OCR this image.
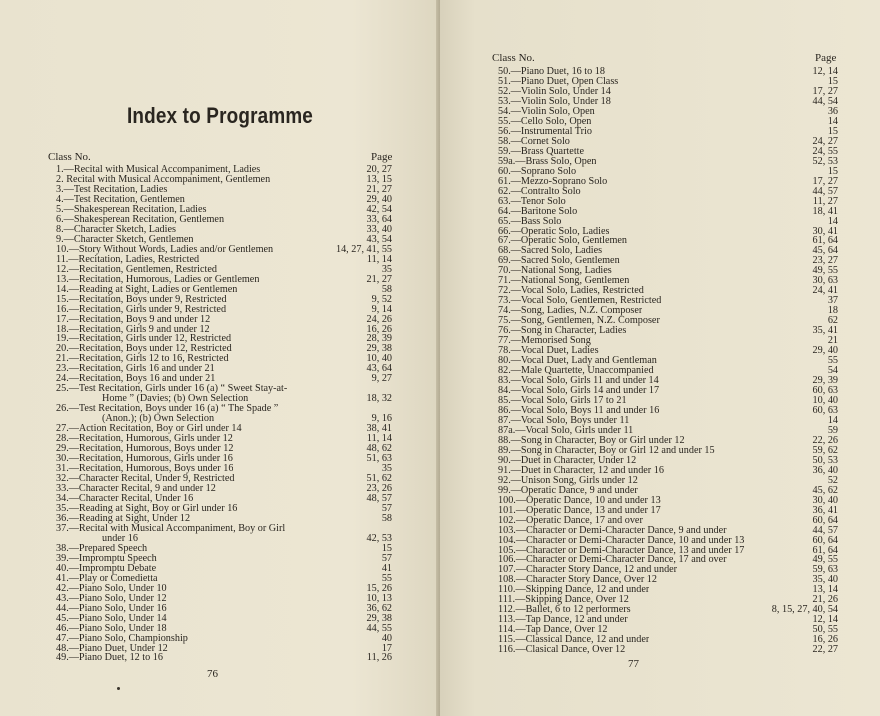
Index to Programme
Class No.	Page
1.—Recital with Musical Accompaniment, Ladies	20, 27
2. Recital with Musical Accompaniment, Gentlemen	13, 15
3.—Test Recitation, Ladies	21, 27
4.—Test Recitation, Gentlemen	29, 40
5.—Shakesperean Recitation, Ladies	42, 54
6.—Shakesperean Recitation, Gentlemen	33, 64
8.—Character Sketch, Ladies	33, 40
9.—Character Sketch, Gentlemen	43, 54
10.—Story Without Words, Ladies and/or Gentlemen	14, 27, 41, 55
11.—Recitation, Ladies, Restricted	11, 14
12.—Recitation, Gentlemen, Restricted	35
13.—Recitation, Humorous, Ladies or Gentlemen	21, 27
14.—Reading at Sight, Ladies or Gentlemen	58
15.—Recitation, Boys under 9, Restricted	9, 52
16.—Recitation, Girls under 9, Restricted	9, 14
17.—Recitation, Boys 9 and under 12	24, 26
18.—Recitation, Girls 9 and under 12	16, 26
19.—Recitation, Girls under 12, Restricted	28, 39
20.—Recitation, Boys under 12, Restricted	29, 38
21.—Recitation, Girls 12 to 16, Restricted	10, 40
23.—Recitation, Girls 16 and under 21	43, 64
24.—Recitation, Boys 16 and under 21	9, 27
25.—Test Recitation, Girls under 16 (a) “ Sweet Stay-at-
Home ” (Davies; (b) Own Selection	18, 32
26.—Test Recitation, Boys under 16 (a) “ The Spade ”
(Anon.); (b) Own Selection	9, 16
27.—Action Recitation, Boy or Girl under 14	38, 41
28.—Recitation, Humorous, Girls under 12	11, 14
29.—Recitation, Humorous, Boys under 12	48, 62
30.—Recitation, Humorous, Girls under 16	51, 63
31.—Recitation, Humorous, Boys under 16	35
32.—Character Recital, Under 9, Restricted	51, 62
33.—Character Recital, 9 and under 12	23, 26
34.—Character Recital, Under 16	48, 57
35.—Reading at Sight, Boy or Girl under 16	57
36.—Reading at Sight, Under 12	58
37.—Recital with Musical Accompaniment, Boy or Girl
under 16	42, 53
38.—Prepared Speech	15
39.—Impromptu Speech	57
40.—Impromptu Debate	41
41.—Play or Comedietta	55
42.—Piano Solo, Under 10	15, 26
43.—Piano Solo, Under 12	10, 13
44.—Piano Solo, Under 16	36, 62
45.—Piano Solo, Under 14	29, 38
46.—Piano Solo, Under 18	44, 55
47.—Piano Solo, Championship	40
48.—Piano Duet, Under 12	17
49.—Piano Duet, 12 to 16	11, 26
76
Class No.	Page
50.—Piano Duet, 16 to 18	12, 14
51.—Piano Duet, Open Class	15
52.—Violin Solo, Under 14	17, 27
53.—Violin Solo, Under 18	44, 54
54.—Violin Solo, Open	36
55.—Cello Solo, Open	14
56.—Instrumental Trio	15
58.—Cornet Solo	24, 27
59.—Brass Quartette	24, 55
59a.—Brass Solo, Open	52, 53
60.—Soprano Solo	15
61.—Mezzo-Soprano Solo	17, 27
62.—Contralto Solo	44, 57
63.—Tenor Solo	11, 27
64.—Baritone Solo	18, 41
65.—Bass Solo	14
66.—Operatic Solo, Ladies	30, 41
67.—Operatic Solo, Gentlemen	61, 64
68.—Sacred Solo, Ladies	45, 64
69.—Sacred Solo, Gentlemen	23, 27
70.—National Song, Ladies	49, 55
71.—National Song, Gentlemen	30, 63
72.—Vocal Solo, Ladies, Restricted	24, 41
73.—Vocal Solo, Gentlemen, Restricted	37
74.—Song, Ladies, N.Z. Composer	18
75.—Song, Gentlemen, N.Z. Composer	62
76.—Song in Character, Ladies	35, 41
77.—Memorised Song	21
78.—Vocal Duet, Ladies	29, 40
80.—Vocal Duet, Lady and Gentleman	55
82.—Male Quartette, Unaccompanied	54
83.—Vocal Solo, Girls 11 and under 14	29, 39
84.—Vocal Solo, Girls 14 and under 17	60, 63
85.—Vocal Solo, Girls 17 to 21	10, 40
86.—Vocal Solo, Boys 11 and under 16	60, 63
87.—Vocal Solo, Boys under 11	14
87a.—Vocal Solo, Girls under 11	59
88.—Song in Character, Boy or Girl under 12	22, 26
89.—Song in Character, Boy or Girl 12 and under 15	59, 62
90.—Duet in Character, Under 12	50, 53
91.—Duet in Character, 12 and under 16	36, 40
92.—Unison Song, Girls under 12	52
99.—Operatic Dance, 9 and under	45, 62
100.—Operatic Dance, 10 and under 13	30, 40
101.—Operatic Dance, 13 and under 17	36, 41
102.—Operatic Dance, 17 and over	60, 64
103.—Character or Demi-Character Dance, 9 and under	44, 57
104.—Character or Demi-Character Dance, 10 and under 13	60, 64
105.—Character or Demi-Character Dance, 13 and under 17	61, 64
106.—Character or Demi-Character Dance, 17 and over	49, 55
107.—Character Story Dance, 12 and under	59, 63
108.—Character Story Dance, Over 12	35, 40
110.—Skipping Dance, 12 and under	13, 14
111.—Skipping Dance, Over 12	21, 26
112.—Ballet, 6 to 12 performers	8, 15, 27, 40, 54
113.—Tap Dance, 12 and under	12, 14
114.—Tap Dance, Over 12	50, 55
115.—Classical Dance, 12 and under	16, 26
116.—Clasical Dance, Over 12	22, 27
77
